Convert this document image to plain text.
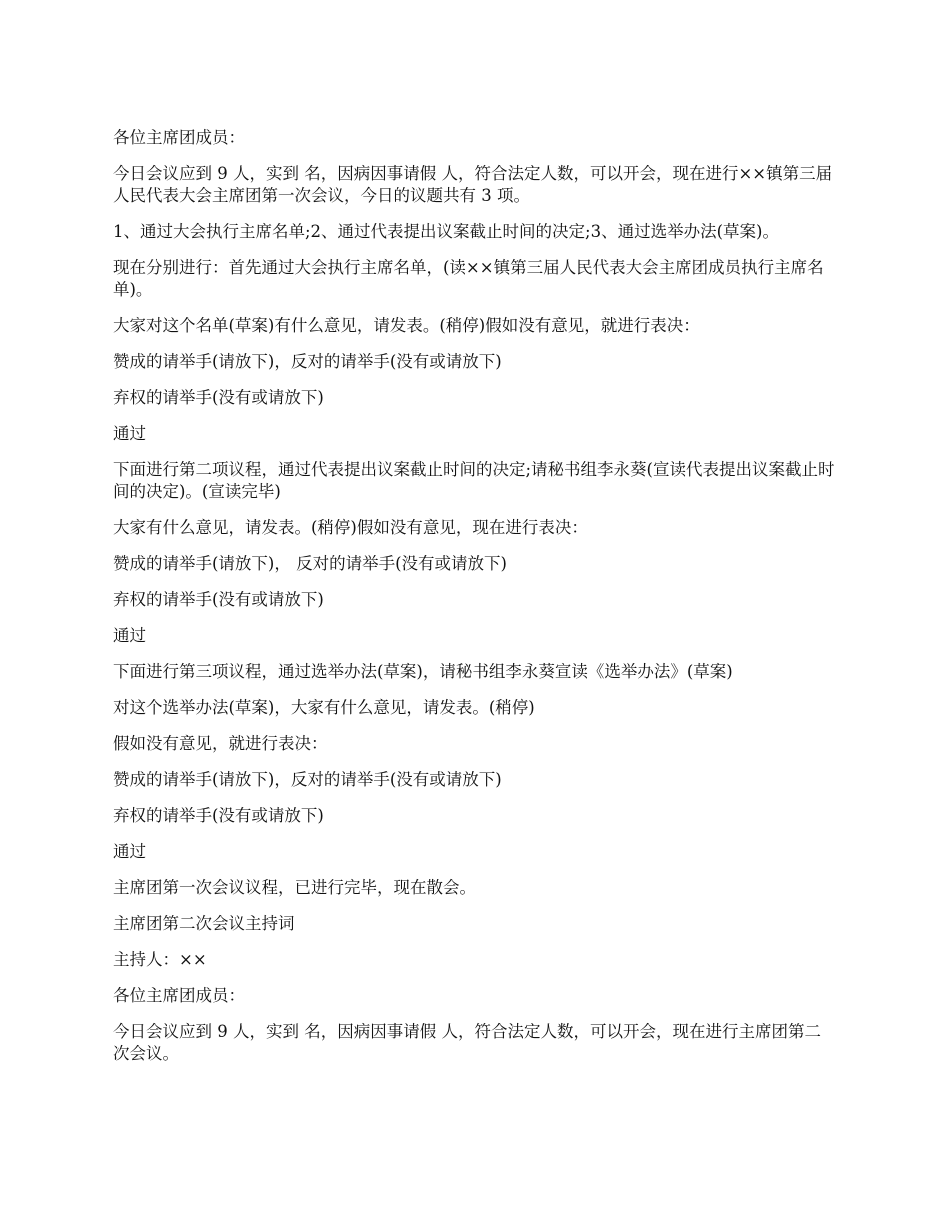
各位主席团成员：

今日会议应到 9 人，实到 名，因病因事请假 人，符合法定人数，可以开会，现在进行××镇第三届人民代表大会主席团第一次会议，今日的议题共有 3 项。

1、通过大会执行主席名单;2、通过代表提出议案截止时间的决定;3、通过选举办法(草案)。

现在分别进行：首先通过大会执行主席名单，(读××镇第三届人民代表大会主席团成员执行主席名单)。

大家对这个名单(草案)有什么意见，请发表。(稍停)假如没有意见，就进行表决：

赞成的请举手(请放下)，反对的请举手(没有或请放下)

弃权的请举手(没有或请放下)

通过

下面进行第二项议程，通过代表提出议案截止时间的决定;请秘书组李永葵(宣读代表提出议案截止时间的决定)。(宣读完毕)

大家有什么意见，请发表。(稍停)假如没有意见，现在进行表决：

赞成的请举手(请放下)， 反对的请举手(没有或请放下)

弃权的请举手(没有或请放下)

通过

下面进行第三项议程，通过选举办法(草案)，请秘书组李永葵宣读《选举办法》(草案)

对这个选举办法(草案)，大家有什么意见，请发表。(稍停)

假如没有意见，就进行表决：

赞成的请举手(请放下)，反对的请举手(没有或请放下)

弃权的请举手(没有或请放下)

通过

主席团第一次会议议程，已进行完毕，现在散会。

主席团第二次会议主持词

主持人：××

各位主席团成员：

今日会议应到 9 人，实到 名，因病因事请假 人，符合法定人数，可以开会，现在进行主席团第二次会议。
